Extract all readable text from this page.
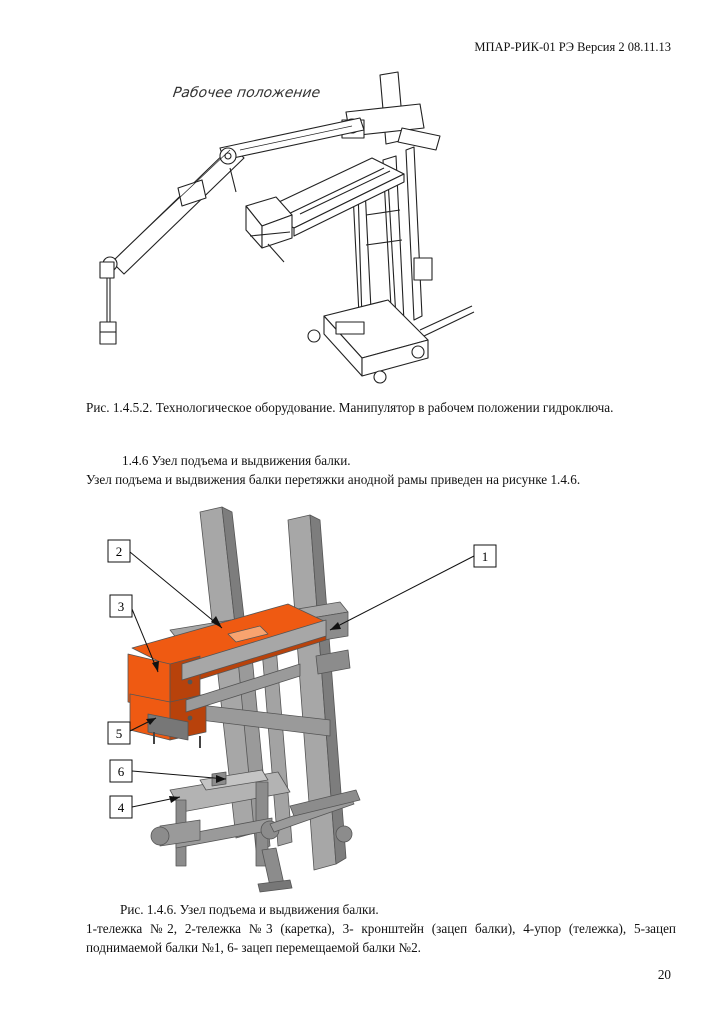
МПАР-РИК-01 РЭ Версия 2 08.11.13
Рабочее положение
1
2
3
5
6
4
Рис. 1.4.5.2. Технологическое оборудование. Манипулятор в рабочем положении гидроключа.
1.4.6 Узел подъема и выдвижения балки.
Узел подъема и выдвижения балки перетяжки анодной рамы приведен на рисунке 1.4.6.
Рис. 1.4.6. Узел подъема и выдвижения балки.
1-тележка №2, 2-тележка №3 (каретка), 3- кронштейн (зацеп балки), 4-упор (тележка), 5-зацеп поднимаемой балки №1, 6- зацеп перемещаемой балки №2.
20
